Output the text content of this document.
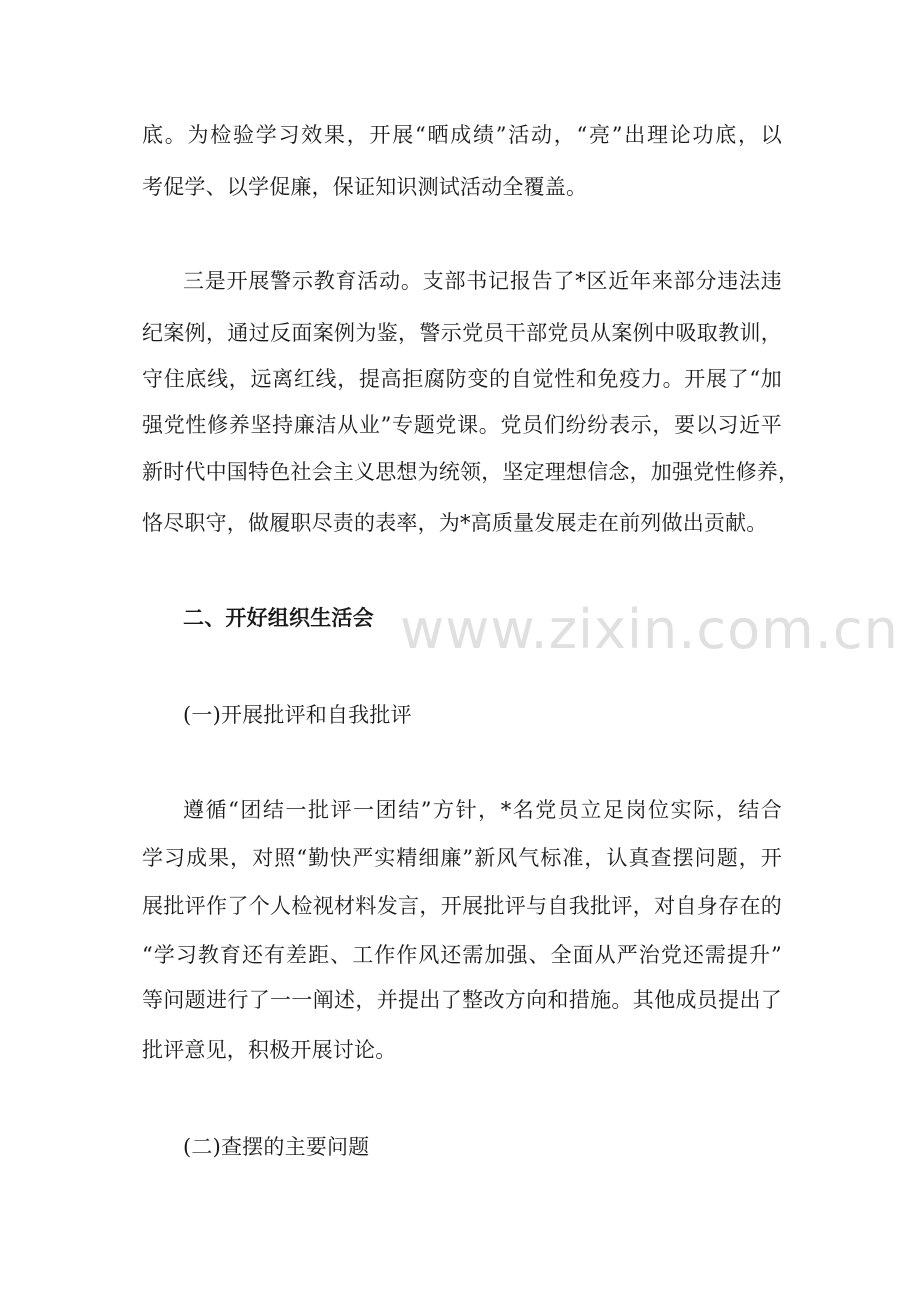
底。为检验学习效果，开展“晒成绩”活动，“亮”出理论功底，以
考促学、以学促廉，保证知识测试活动全覆盖。
三是开展警示教育活动。支部书记报告了*区近年来部分违法违
纪案例，通过反面案例为鉴，警示党员干部党员从案例中吸取教训，
守住底线，远离红线，提高拒腐防变的自觉性和免疫力。开展了“加
强党性修养坚持廉洁从业”专题党课。党员们纷纷表示，要以习近平
新时代中国特色社会主义思想为统领，坚定理想信念，加强党性修养，
恪尽职守，做履职尽责的表率，为*高质量发展走在前列做出贡献。
www.zixin.com.cn
二、开好组织生活会
(一)开展批评和自我批评
遵循“团结一批评一团结”方针，*名党员立足岗位实际，结合
学习成果，对照“勤快严实精细廉”新风气标准，认真查摆问题，开
展批评作了个人检视材料发言，开展批评与自我批评，对自身存在的
“学习教育还有差距、工作作风还需加强、全面从严治党还需提升”
等问题进行了一一阐述，并提出了整改方向和措施。其他成员提出了
批评意见，积极开展讨论。
(二)查摆的主要问题
